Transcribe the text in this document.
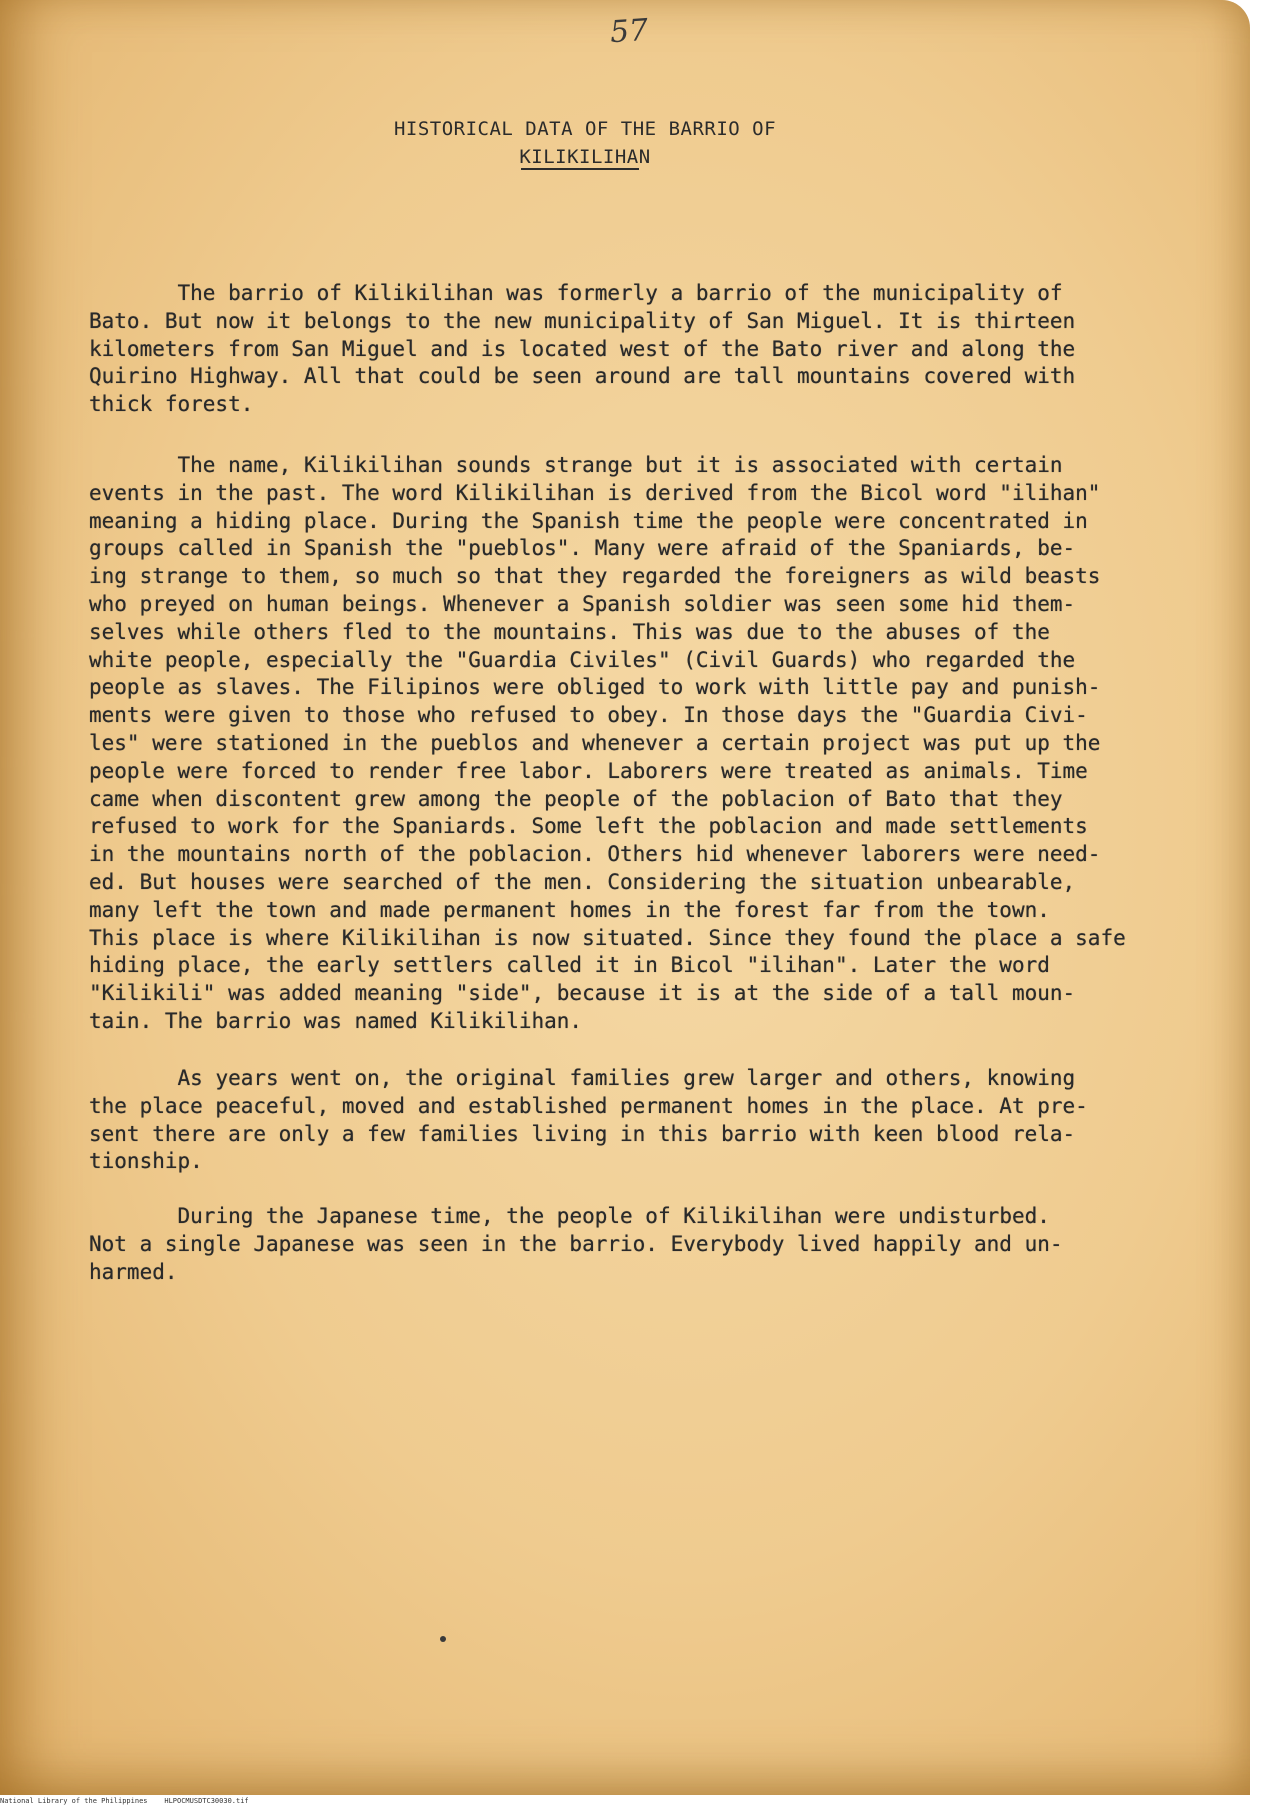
57
HISTORICAL DATA OF THE BARRIO OF
KILIKILIHAN

The barrio of Kilikilihan was formerly a barrio of the municipality of
Bato. But now it belongs to the new municipality of San Miguel. It is thirteen
kilometers from San Miguel and is located west of the Bato river and along the
Quirino Highway. All that could be seen around are tall mountains covered with
thick forest.

The name, Kilikilihan sounds strange but it is associated with certain
events in the past. The word Kilikilihan is derived from the Bicol word "ilihan"
meaning a hiding place. During the Spanish time the people were concentrated in
groups called in Spanish the "pueblos". Many were afraid of the Spaniards, be-
ing strange to them, so much so that they regarded the foreigners as wild beasts
who preyed on human beings. Whenever a Spanish soldier was seen some hid them-
selves while others fled to the mountains. This was due to the abuses of the
white people, especially the "Guardia Civiles" (Civil Guards) who regarded the
people as slaves. The Filipinos were obliged to work with little pay and punish-
ments were given to those who refused to obey. In those days the "Guardia Civi-
les" were stationed in the pueblos and whenever a certain project was put up the
people were forced to render free labor. Laborers were treated as animals. Time
came when discontent grew among the people of the poblacion of Bato that they
refused to work for the Spaniards. Some left the poblacion and made settlements
in the mountains north of the poblacion. Others hid whenever laborers were need-
ed. But houses were searched of the men. Considering the situation unbearable,
many left the town and made permanent homes in the forest far from the town.
This place is where Kilikilihan is now situated. Since they found the place a safe
hiding place, the early settlers called it in Bicol "ilihan". Later the word
"Kilikili" was added meaning "side", because it is at the side of a tall moun-
tain. The barrio was named Kilikilihan.

As years went on, the original families grew larger and others, knowing
the place peaceful, moved and established permanent homes in the place. At pre-
sent there are only a few families living in this barrio with keen blood rela-
tionship.

During the Japanese time, the people of Kilikilihan were undisturbed.
Not a single Japanese was seen in the barrio. Everybody lived happily and un-
harmed.

National Library of the Philippines    HLPOCMUSDTC30030.tif
